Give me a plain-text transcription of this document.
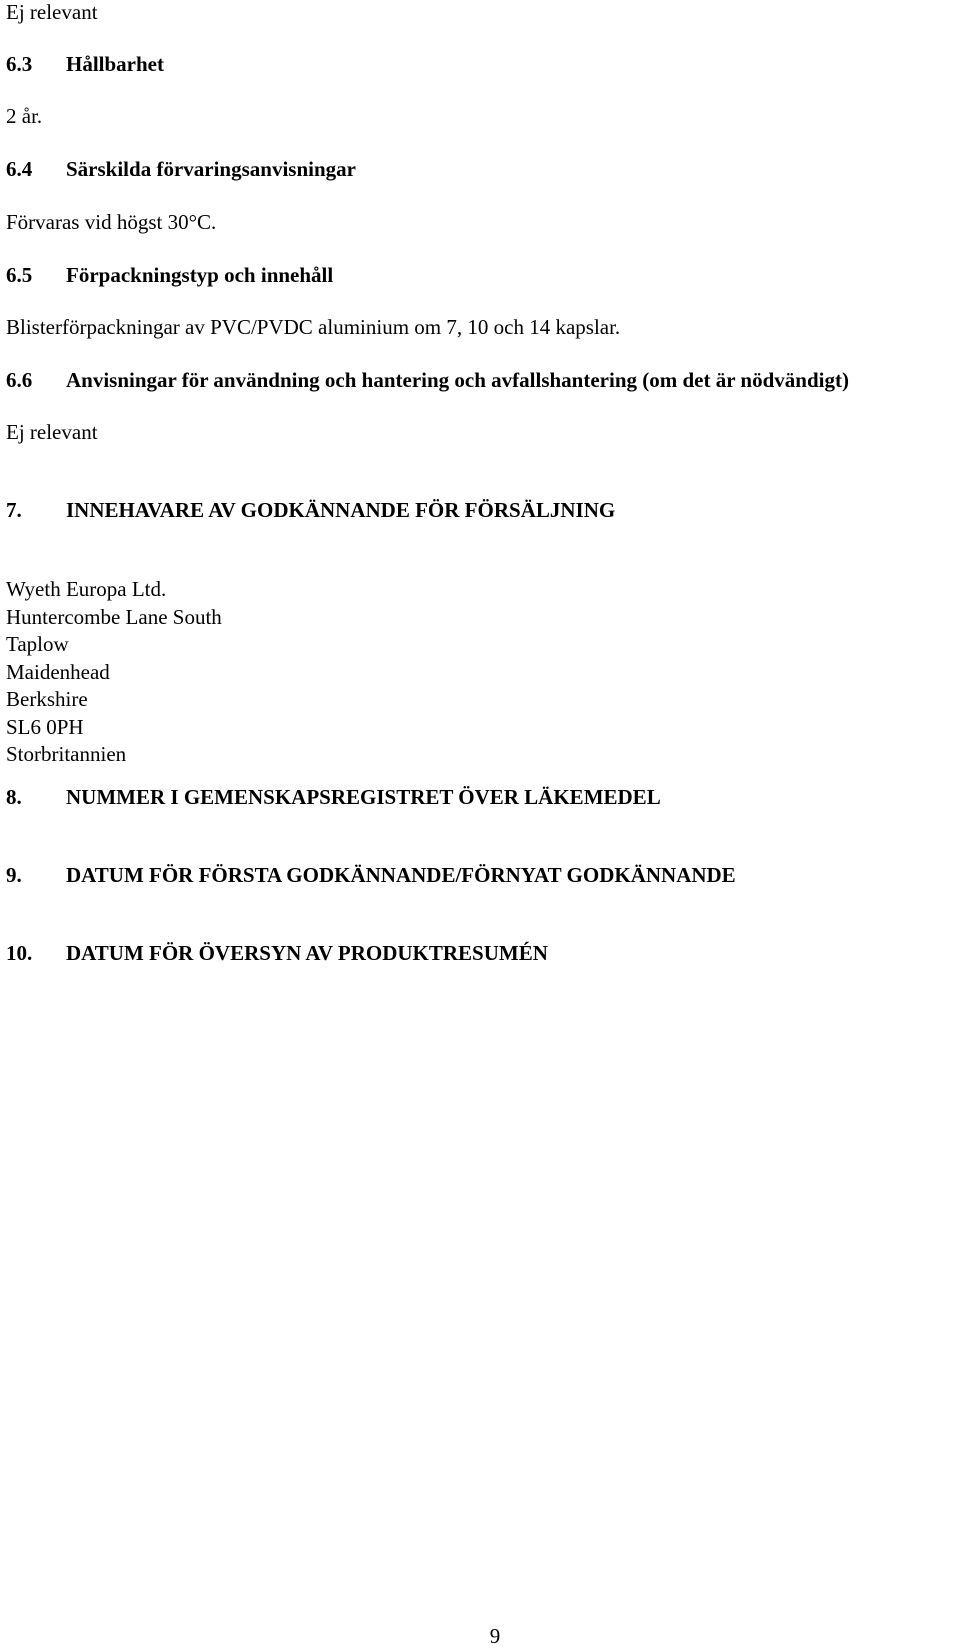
Ej relevant
6.3 Hållbarhet
2 år.
6.4 Särskilda förvaringsanvisningar
Förvaras vid högst 30°C.
6.5 Förpackningstyp och innehåll
Blisterförpackningar av PVC/PVDC aluminium om 7, 10 och 14 kapslar.
6.6 Anvisningar för användning och hantering och avfallshantering (om det är nödvändigt)
Ej relevant
7. INNEHAVARE AV GODKÄNNANDE FÖR FÖRSÄLJNING
Wyeth Europa Ltd.
Huntercombe Lane South
Taplow
Maidenhead
Berkshire
SL6 0PH
Storbritannien
8. NUMMER I GEMENSKAPSREGISTRET ÖVER LÄKEMEDEL
9. DATUM FÖR FÖRSTA GODKÄNNANDE/FÖRNYAT GODKÄNNANDE
10. DATUM FÖR ÖVERSYN AV PRODUKTRESUMÉN
9
